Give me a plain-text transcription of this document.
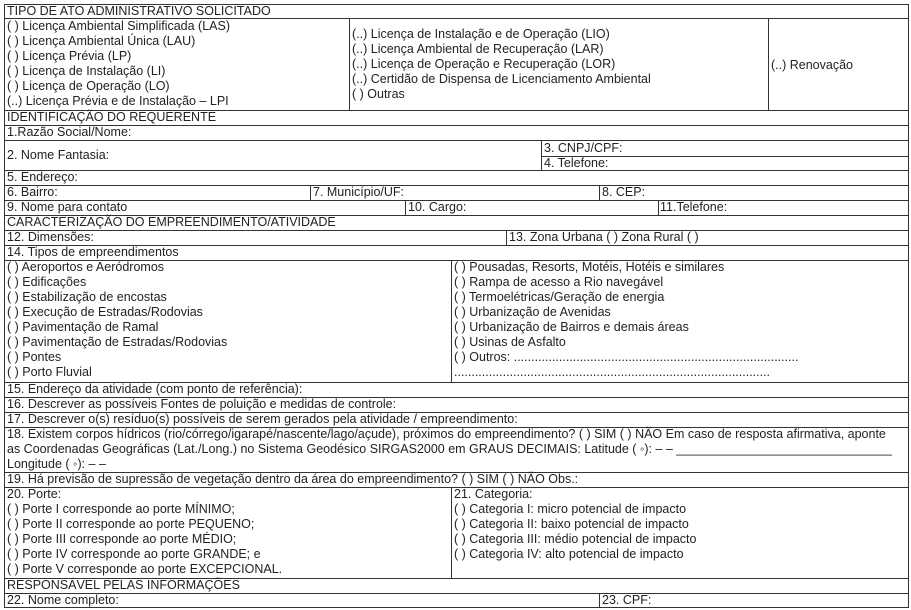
TIPO DE ATO ADMINISTRATIVO SOLICITADO
( ) Licença Ambiental Simplificada (LAS)
( ) Licença Ambiental Única (LAU)
( ) Licença Prévia (LP)
( ) Licença de Instalação (LI)
( ) Licença de Operação (LO)
(..) Licença Prévia e de Instalação – LPI
(..) Licença de Instalação e de Operação (LIO)
(..) Licença Ambiental de Recuperação (LAR)
(..) Licença de Operação e Recuperação (LOR)
(..) Certidão de Dispensa de Licenciamento Ambiental
( ) Outras
(..) Renovação
IDENTIFICAÇÃO DO REQUERENTE
1.Razão Social/Nome:
2. Nome Fantasia:	3. CNPJ/CPF:
4. Telefone:
5. Endereço:
6. Bairro:	7. Município/UF:	8. CEP:
9. Nome para contato	10. Cargo:	11.Telefone:
CARACTERIZAÇÃO DO EMPREENDIMENTO/ATIVIDADE
12. Dimensões:	13. Zona Urbana ( ) Zona Rural ( )
14. Tipos de empreendimentos
( ) Aeroportos e Aeródromos
( ) Edificações
( ) Estabilização de encostas
( ) Execução de Estradas/Rodovias
( ) Pavimentação de Ramal
( ) Pavimentação de Estradas/Rodovias
( ) Pontes
( ) Porto Fluvial
( ) Pousadas, Resorts, Motéis, Hotéis e similares
( ) Rampa de acesso a Rio navegável
( ) Termoelétricas/Geração de energia
( ) Urbanização de Avenidas
( ) Urbanização de Bairros e demais áreas
( ) Usinas de Asfalto
( ) Outros: ..................................................................................
...........................................................................................
15. Endereço da atividade (com ponto de referência):
16. Descrever as possíveis Fontes de poluição e medidas de controle:
17. Descrever o(s) resíduo(s) possíveis de serem gerados pela atividade / empreendimento:
18. Existem corpos hídricos (rio/córrego/igarapé/nascente/lago/açude), próximos do empreendimento? ( ) SIM ( ) NÃO Em caso de resposta afirmativa, aponte
as Coordenadas Geográficas (Lat./Long.) no Sistema Geodésico SIRGAS2000 em GRAUS DECIMAIS: Latitude ( ◦): – – _______________________________
Longitude ( ◦): – –
19. Há previsão de supressão de vegetação dentro da área do empreendimento? ( ) SIM ( ) NÃO Obs.:
20. Porte:
( ) Porte I corresponde ao porte MÍNIMO;
( ) Porte II corresponde ao porte PEQUENO;
( ) Porte III corresponde ao porte MÉDIO;
( ) Porte IV corresponde ao porte GRANDE; e
( ) Porte V corresponde ao porte EXCEPCIONAL.
21. Categoria:
( ) Categoria I: micro potencial de impacto
( ) Categoria II: baixo potencial de impacto
( ) Categoria III: médio potencial de impacto
( ) Categoria IV: alto potencial de impacto
RESPONSÁVEL PELAS INFORMAÇÕES
22. Nome completo:	23. CPF:
